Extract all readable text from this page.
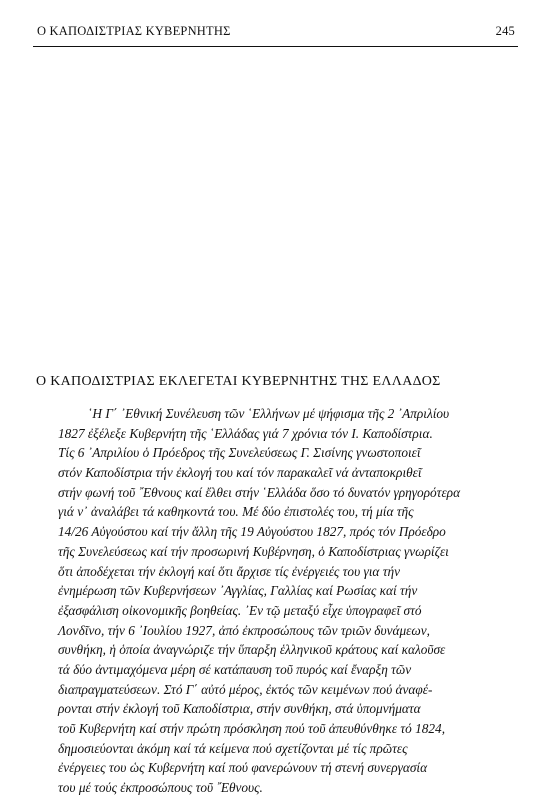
Ο ΚΑΠΟΔΙΣΤΡΙΑΣ ΚΥΒΕΡΝΗΤΗΣ	245
Ο ΚΑΠΟΔΙΣΤΡΙΑΣ ΕΚΛΕΓΕΤΑΙ ΚΥΒΕΡΝΗΤΗΣ ΤΗΣ ΕΛΛΑΔΟΣ
῾Η Γ΄ ᾿Εθνική Συνέλευση τῶν ῾Ελλήνων μέ ψήφισμα τῆς 2 ᾿Απριλίου
1827 ἐξέλεξε Κυβερνήτη τῆς ῾Ελλάδας γιά 7 χρόνια τόν Ι. Καποδίστρια.
Τίς 6 ᾿Απριλίου ὁ Πρόεδρος τῆς Συνελεύσεως Γ. Σισίνης γνωστοποιεῖ
στόν Καποδίστρια τήν ἐκλογή του καί τόν παρακαλεῖ νά ἀνταποκριθεῖ
στήν φωνή τοῦ ῎Εθνους καί ἔλθει στήν ῾Ελλάδα ὅσο τό δυνατόν γρηγορότερα
γιά ν᾿ ἀναλάβει τά καθηκοντά του. Μέ δύο ἐπιστολές του, τή μία τῆς
14/26 Αὐγούστου καί τήν ἄλλη τῆς 19 Αὐγούστου 1827, πρός τόν Πρόεδρο
τῆς Συνελεύσεως καί τήν προσωρινή Κυβέρνηση, ὁ Καποδίστριας γνωρίζει
ὅτι ἀποδέχεται τήν ἐκλογή καί ὅτι ἄρχισε τίς ἐνέργειές του για τήν
ἐνημέρωση τῶν Κυβερνήσεων ᾿Αγγλίας, Γαλλίας καί Ρωσίας καί τήν
ἐξασφάλιση οἰκονομικῆς βοηθείας. ᾿Εν τῷ μεταξύ εἶχε ὑπογραφεῖ στό
Λονδῖνο, τήν 6 ᾿Ιουλίου 1927, ἀπό ἐκπροσώπους τῶν τριῶν δυνάμεων,
συνθήκη, ἡ ὁποία ἀναγνώριζε τήν ὕπαρξη ἑλληνικοῦ κράτους καί καλοῦσε
τά δύο ἀντιμαχόμενα μέρη σέ κατάπαυση τοῦ πυρός καί ἔναρξη τῶν
διαπραγματεύσεων. Στό Γ΄ αὐτό μέρος, ἐκτός τῶν κειμένων πού ἀναφέ-
ρονται στήν ἐκλογή τοῦ Καποδίστρια, στήν συνθήκη, στά ὑπομνήματα
τοῦ Κυβερνήτη καί στήν πρώτη πρόσκληση πού τοῦ ἀπευθύνθηκε τό 1824,
δημοσιεύονται ἀκόμη καί τά κείμενα πού σχετίζονται μέ τίς πρῶτες
ἐνέργειες του ὡς Κυβερνήτη καί πού φανερώνουν τή στενή συνεργασία
του μέ τούς ἐκπροσώπους τοῦ ῎Εθνους.
